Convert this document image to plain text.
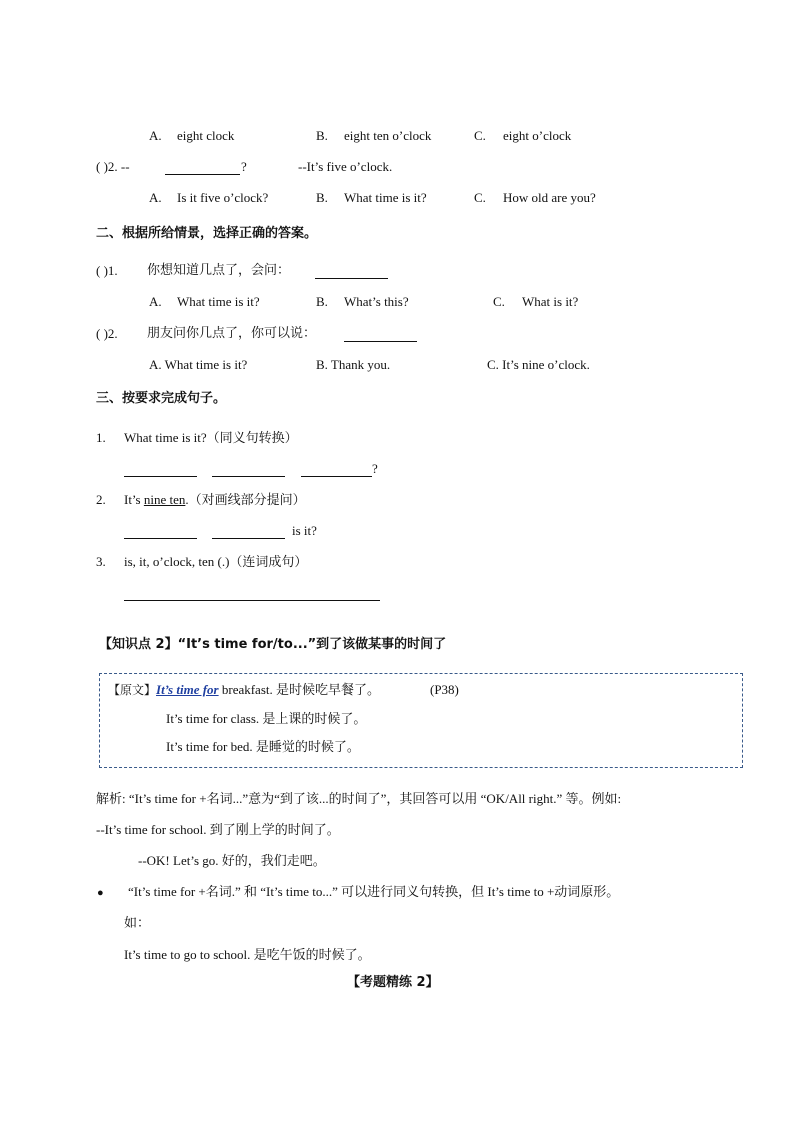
A. eight clock	B. eight ten o’clock	C. eight o’clock
( )2. --	?	--It’s five o’clock.
A. Is it five o’clock?	B. What time is it?	C. How old are you?
二、根据所给情景，选择正确的答案。
( )1. 你想知道几点了，会问：
A. What time is it?	B. What’s this?	C. What is it?
( )2. 朋友问你几点了，你可以说：
A. What time is it?	B. Thank you.	C. It’s nine o’clock.
三、按要求完成句子。
1. What time is it?（同义句转换）
?
2. It’s nine ten.（对画线部分提问）
is it?
3. is, it, o’clock, ten (.)（连词成句）
【知识点 2】“It’s time for/to...”到了该做某事的时间了
【原文】It’s time for breakfast. 是时候吃早餐了。	(P38)
It’s time for class. 是上课的时候了。
It’s time for bed. 是睡觉的时候了。
解析: “It’s time for +名词...”意为“到了该...的时间了”，其回答可以用 “OK/All right.” 等。例如:
--It’s time for school. 到了刚上学的时间了。
--OK! Let’s go. 好的，我们走吧。
● “It’s time for +名词.” 和 “It’s time to...” 可以进行同义句转换，但 It’s time to +动词原形。
如：
It’s time to go to school. 是吃午饭的时候了。
【考题精练 2】
